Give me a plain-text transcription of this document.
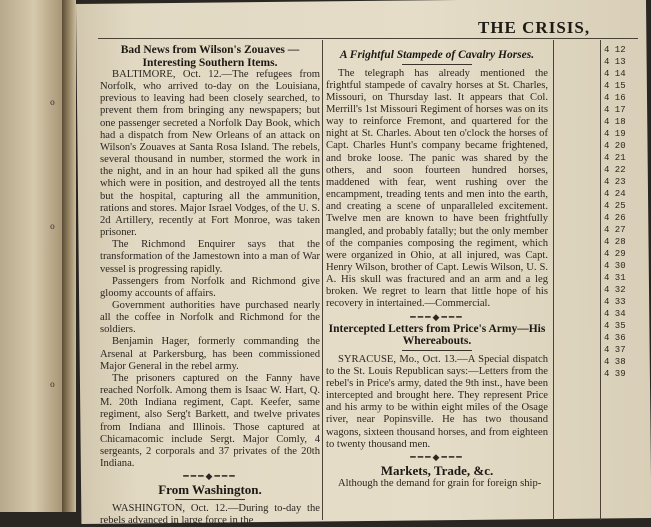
o
o
o
THE CRISIS,

Bad News from Wilson's Zouaves —Interesting Southern Items.

BALTIMORE, Oct. 12.—The refugees from Norfolk, who arrived to-day on the Louisiana, previous to leaving had been closely searched, to prevent them from bringing any newspapers; but one passenger secreted a Norfolk Day Book, which had a dispatch from New Orleans of an attack on Wilson's Zouaves at Santa Rosa Island. The rebels, several thousand in number, stormed the work in the night, and in an hour had spiked all the guns which were in position, and destroyed all the tents but the hospital, capturing all the ammunition, rations and stores. Major Israel Vodges, of the U. S. 2d Artillery, recently at Fort Monroe, was taken prisoner.

The Richmond Enquirer says that the transformation of the Jamestown into a man of War vessel is progressing rapidly.

Passengers from Norfolk and Richmond give gloomy accounts of affairs.

Government authorities have purchased nearly all the coffee in Norfolk and Richmond for the soldiers.

Benjamin Hager, formerly commanding the Arsenal at Parkersburg, has been commissioned Major General in the rebel army.

The prisoners captured on the Fanny have reached Norfolk. Among them is Isaac W. Hart, Q. M. 20th Indiana regiment, Capt. Keefer, same regiment, also Serg't Barkett, and twelve privates from Indiana and Illinois. Those captured at Chicamacomic include Sergt. Major Comly, 4 sergeants, 2 corporals and 37 privates of the 20th Indiana.

━━━◆━━━

From Washington.

WASHINGTON, Oct. 12.—During to-day the rebels advanced in large force in the

A Frightful Stampede of Cavalry Horses.

The telegraph has already mentioned the frightful stampede of cavalry horses at St. Charles, Missouri, on Thursday last. It appears that Col. Merrill's 1st Missouri Regiment of horses was on its way to reinforce Fremont, and quartered for the night at St. Charles. About ten o'clock the horses of Capt. Charles Hunt's company became frightened, and broke loose. The panic was shared by the others, and soon fourteen hundred horses, maddened with fear, went rushing over the encampment, treading tents and men into the earth, and creating a scene of unparalleled excitement. Twelve men are known to have been frightfully mangled, and probably fatally; but the only member of the companies composing the regiment, which were organized in Ohio, at all injured, was Capt. Henry Wilson, brother of Capt. Lewis Wilson, U. S. A. His skull was fractured and an arm and a leg broken. We regret to learn that little hope of his recovery in intertained.—Commercial.

━━━◆━━━

Intercepted Letters from Price's Army—His Whereabouts.

SYRACUSE, Mo., Oct. 13.—A Special dispatch to the St. Louis Republican says:—Letters from the rebel's in Price's army, dated the 9th inst., have been intercepted and brought here. They represent Price and his army to be within eight miles of the Osage river, near Popinsville. He has two thousand wagons, sixteen thousand horses, and from eighteen to twenty thousand men.

━━━◆━━━

Markets, Trade, &c.

Although the demand for grain for foreign ship-

4 12
4 13
4 14
4 15
4 16
4 17
4 18
4 19
4 20
4 21
4 22
4 23
4 24
4 25
4 26
4 27
4 28
4 29
4 30
4 31
4 32
4 33
4 34
4 35
4 36
4 37
4 38
4 39
